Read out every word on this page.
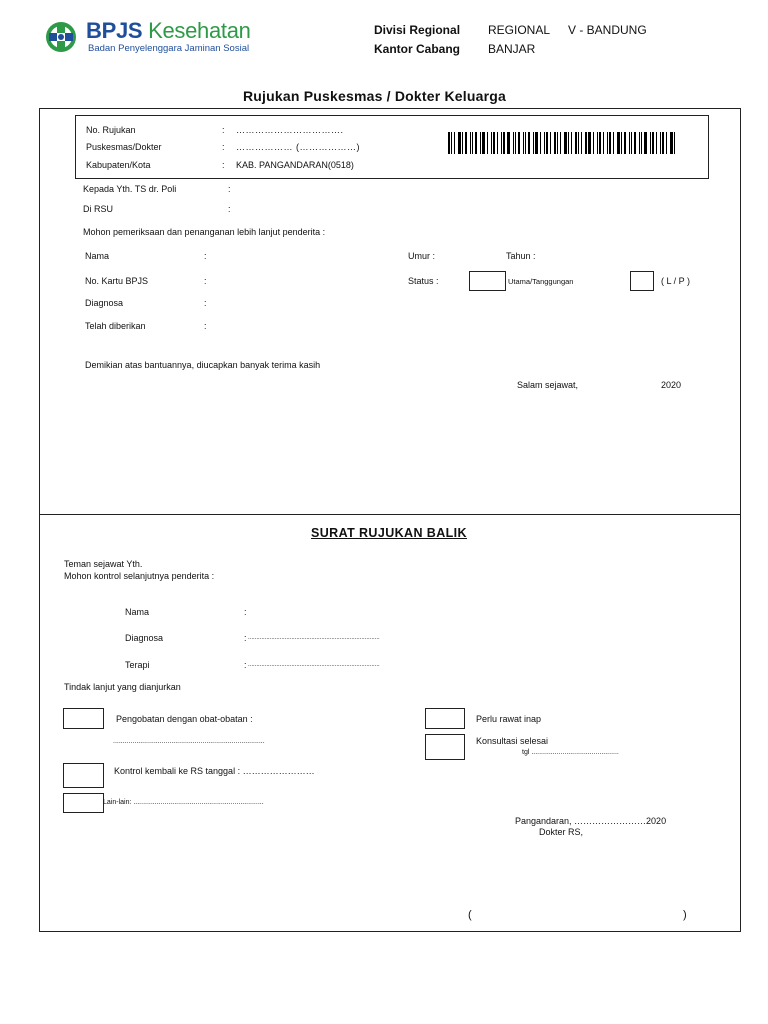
BPJS Kesehatan
Badan Penyelenggara Jaminan Sosial
Divisi Regional REGIONAL V - BANDUNG
Kantor Cabang BANJAR
Rujukan Puskesmas / Dokter Keluarga
No. Rujukan	: …………………………….
Puskesmas/Dokter	: ……………… (………………)
Kabupaten/Kota	: KAB. PANGANDARAN(0518)
Kepada Yth. TS dr. Poli	:
Di RSU	:
Mohon pemeriksaan dan penanganan lebih lanjut penderita :
Nama	:
No. Kartu BPJS	:
Diagnosa	:
Telah diberikan	:
Umur :	Tahun :
Status :	Utama/Tanggungan	( L / P )
Demikian atas bantuannya, diucapkan banyak terima kasih
Salam sejawat,	2020
SURAT RUJUKAN BALIK
Teman sejawat Yth.
Mohon kontrol selanjutnya penderita :
Nama	:
Diagnosa	: ...............................................................................
Terapi	: ...............................................................................
Tindak lanjut yang dianjurkan
Pengobatan dengan obat-obatan :
..............................................................................
Kontrol kembali ke RS tanggal : ……………………
Lain-lain: ...................................................................
Perlu rawat inap
Konsultasi selesai
tgl .............................................
Pangandaran, ……………………2020
Dokter RS,
(	)
